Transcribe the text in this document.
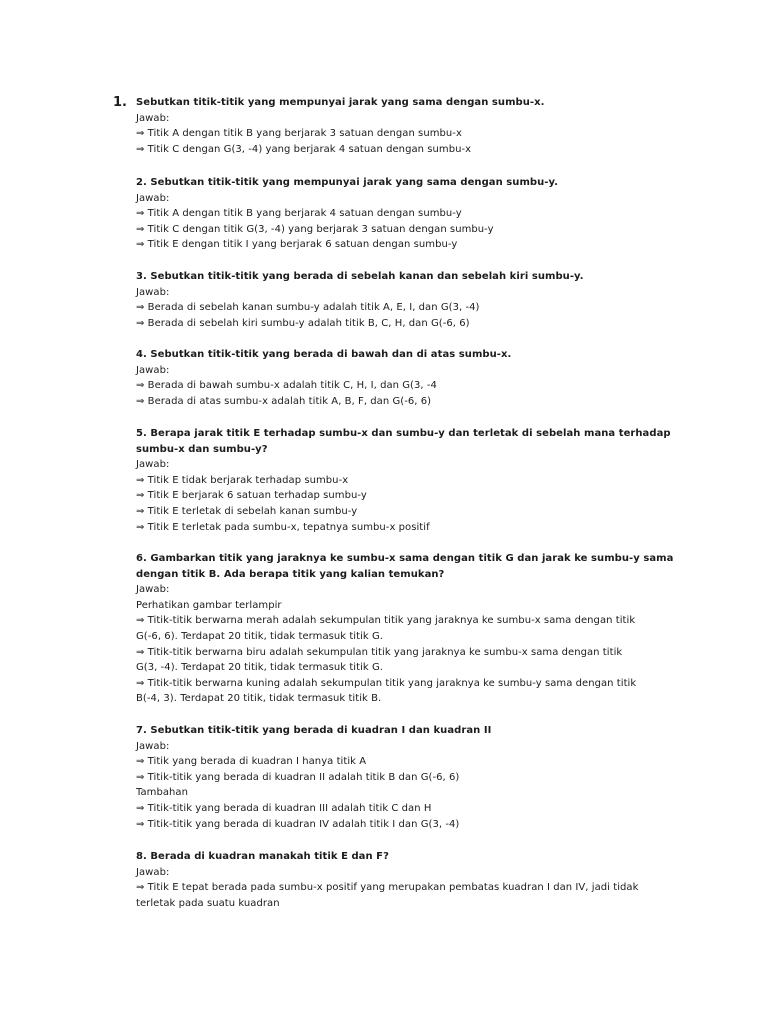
1. Sebutkan titik-titik yang mempunyai jarak yang sama dengan sumbu-x.
Jawab:
⇒ Titik A dengan titik B yang berjarak 3 satuan dengan sumbu-x
⇒ Titik C dengan G(3, -4) yang berjarak 4 satuan dengan sumbu-x
2. Sebutkan titik-titik yang mempunyai jarak yang sama dengan sumbu-y.
Jawab:
⇒ Titik A dengan titik B yang berjarak 4 satuan dengan sumbu-y
⇒ Titik C dengan titik G(3, -4) yang berjarak 3 satuan dengan sumbu-y
⇒ Titik E dengan titik I yang berjarak 6 satuan dengan sumbu-y
3. Sebutkan titik-titik yang berada di sebelah kanan dan sebelah kiri sumbu-y.
Jawab:
⇒ Berada di sebelah kanan sumbu-y adalah titik A, E, I, dan G(3, -4)
⇒ Berada di sebelah kiri sumbu-y adalah titik B, C, H, dan G(-6, 6)
4. Sebutkan titik-titik yang berada di bawah dan di atas sumbu-x.
Jawab:
⇒ Berada di bawah sumbu-x adalah titik C, H, I, dan G(3, -4
⇒ Berada di atas sumbu-x adalah titik A, B, F, dan G(-6, 6)
5. Berapa jarak titik E terhadap sumbu-x dan sumbu-y dan terletak di sebelah mana terhadap
sumbu-x dan sumbu-y?
Jawab:
⇒ Titik E tidak berjarak terhadap sumbu-x
⇒ Titik E berjarak 6 satuan terhadap sumbu-y
⇒ Titik E terletak di sebelah kanan sumbu-y
⇒ Titik E terletak pada sumbu-x, tepatnya sumbu-x positif
6. Gambarkan titik yang jaraknya ke sumbu-x sama dengan titik G dan jarak ke sumbu-y sama
dengan titik B. Ada berapa titik yang kalian temukan?
Jawab:
Perhatikan gambar terlampir
⇒ Titik-titik berwarna merah adalah sekumpulan titik yang jaraknya ke sumbu-x sama dengan titik
G(-6, 6). Terdapat 20 titik, tidak termasuk titik G.
⇒ Titik-titik berwarna biru adalah sekumpulan titik yang jaraknya ke sumbu-x sama dengan titik
G(3, -4). Terdapat 20 titik, tidak termasuk titik G.
⇒ Titik-titik berwarna kuning adalah sekumpulan titik yang jaraknya ke sumbu-y sama dengan titik
B(-4, 3). Terdapat 20 titik, tidak termasuk titik B.
7. Sebutkan titik-titik yang berada di kuadran I dan kuadran II
Jawab:
⇒ Titik yang berada di kuadran I hanya titik A
⇒ Titik-titik yang berada di kuadran II adalah titik B dan G(-6, 6)
Tambahan
⇒ Titik-titik yang berada di kuadran III adalah titik C dan H
⇒ Titik-titik yang berada di kuadran IV adalah titik I dan G(3, -4)
8. Berada di kuadran manakah titik E dan F?
Jawab:
⇒ Titik E tepat berada pada sumbu-x positif yang merupakan pembatas kuadran I dan IV, jadi tidak
terletak pada suatu kuadran
